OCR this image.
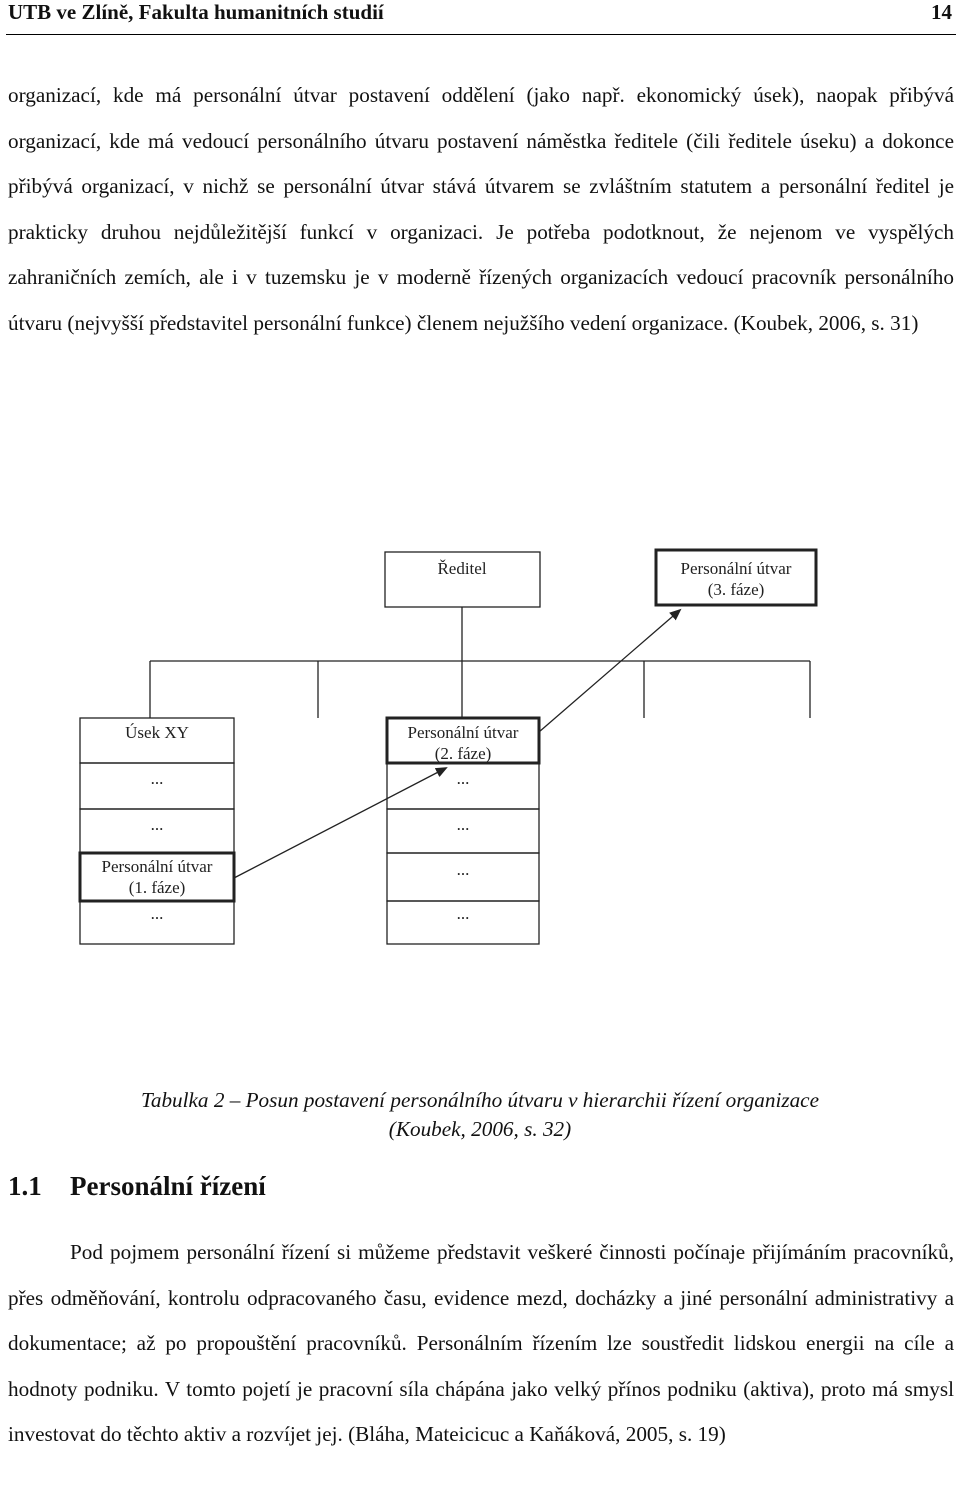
UTB ve Zlíně, Fakulta humanitních studií	14

organizací, kde má personální útvar postavení oddělení (jako např. ekonomický úsek), naopak přibývá organizací, kde má vedoucí personálního útvaru postavení náměstka ředitele (čili ředitele úseku) a dokonce přibývá organizací, v nichž se personální útvar stává útvarem se zvláštním statutem a personální ředitel je prakticky druhou nejdůležitější funkcí v organizaci. Je potřeba podotknout, že nejenom ve vyspělých zahraničních zemích, ale i v tuzemsku je v moderně řízených organizacích vedoucí pracovník personálního útvaru (nejvyšší představitel personální funkce) členem nejužšího vedení organizace. (Koubek, 2006, s. 31)

Ředitel	Personální útvar
(3. fáze)
Úsek XY	Personální útvar
(2. fáze)
Personální útvar
(1. fáze)
...
...
...
...
...
...
...
Tabulka 2 – Posun postavení personálního útvaru v hierarchii řízení organizace
(Koubek, 2006, s. 32)
1.1 Personální řízení

Pod pojmem personální řízení si můžeme představit veškeré činnosti počínaje přijímáním pracovníků, přes odměňování, kontrolu odpracovaného času, evidence mezd, docházky a jiné personální administrativy a dokumentace; až po propouštění pracovníků. Personálním řízením lze soustředit lidskou energii na cíle a hodnoty podniku. V tomto pojetí je pracovní síla chápána jako velký přínos podniku (aktiva), proto má smysl investovat do těchto aktiv a rozvíjet jej. (Bláha, Mateicicuc a Kaňáková, 2005, s. 19)
